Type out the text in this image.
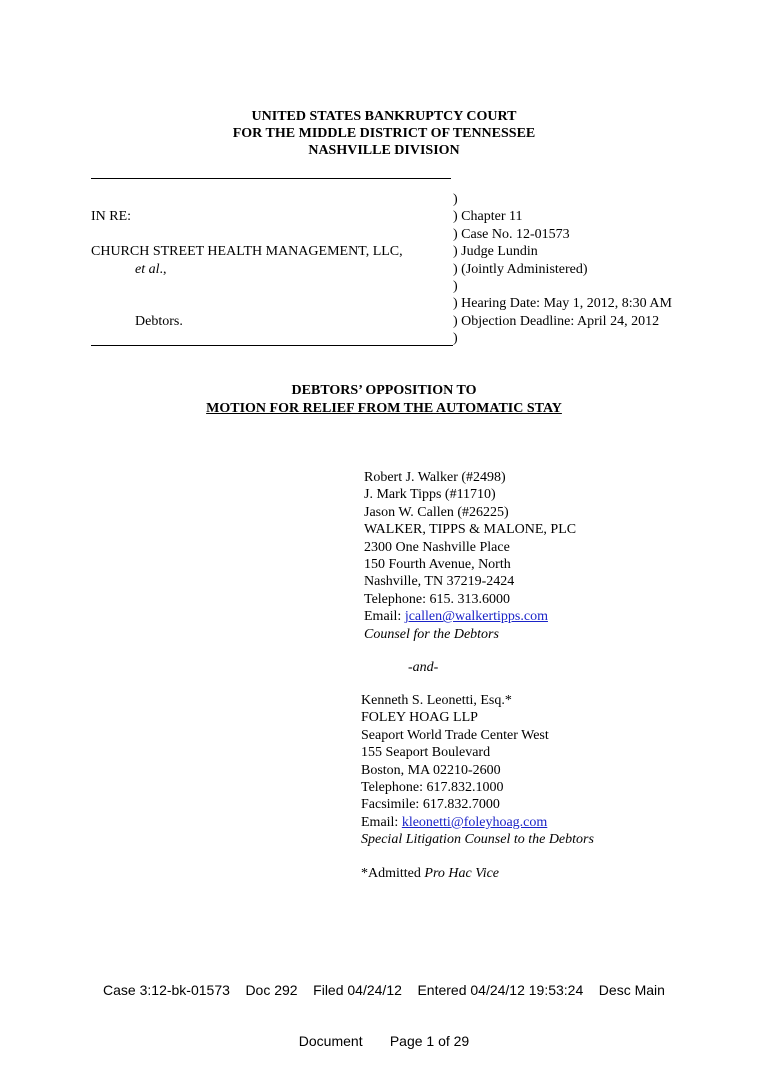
UNITED STATES BANKRUPTCY COURT
FOR THE MIDDLE DISTRICT OF TENNESSEE
NASHVILLE DIVISION
IN RE:
CHURCH STREET HEALTH MANAGEMENT, LLC,
et al.,
Debtors.
)
) Chapter 11
) Case No. 12-01573
) Judge Lundin
) (Jointly Administered)
)
) Hearing Date: May 1, 2012, 8:30 AM
) Objection Deadline: April 24, 2012
)
DEBTORS’ OPPOSITION TO
MOTION FOR RELIEF FROM THE AUTOMATIC STAY
Robert J. Walker (#2498)
J. Mark Tipps (#11710)
Jason W. Callen (#26225)
WALKER, TIPPS & MALONE, PLC
2300 One Nashville Place
150 Fourth Avenue, North
Nashville, TN 37219-2424
Telephone: 615. 313.6000
Email: jcallen@walkertipps.com
Counsel for the Debtors
-and-
Kenneth S. Leonetti, Esq.*
FOLEY HOAG LLP
Seaport World Trade Center West
155 Seaport Boulevard
Boston, MA 02210-2600
Telephone: 617.832.1000
Facsimile: 617.832.7000
Email: kleonetti@foleyhoag.com
Special Litigation Counsel to the Debtors
*Admitted Pro Hac Vice

Case 3:12-bk-01573    Doc 292    Filed 04/24/12    Entered 04/24/12 19:53:24    Desc Main

Document       Page 1 of 29
